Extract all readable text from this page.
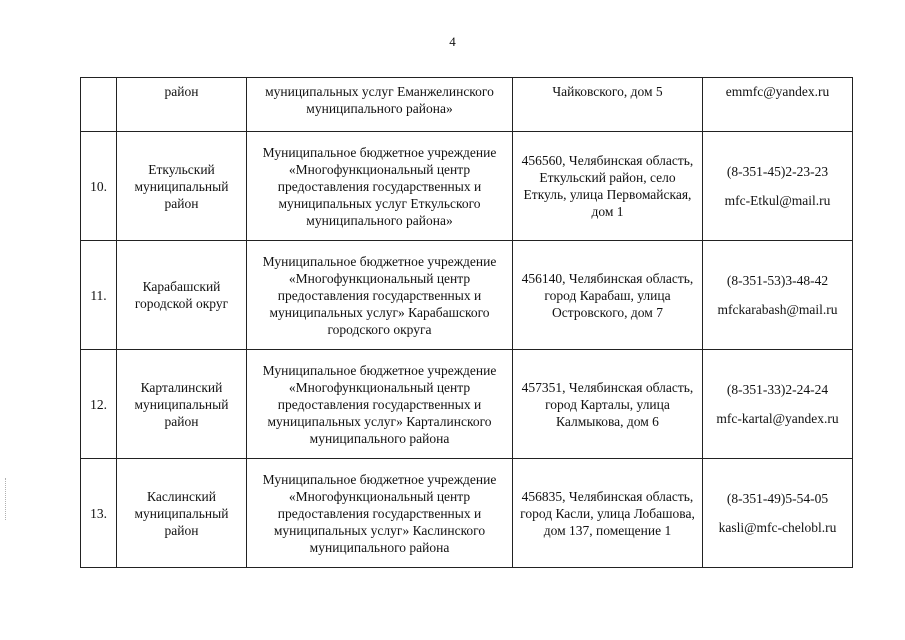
4
	район	муниципальных услуг Еманжелинского муниципального района»	Чайковского, дом 5	emmfc@yandex.ru

10.	Еткульский муниципальный район	Муниципальное бюджетное учреждение «Многофункциональный центр предоставления государственных и муниципальных услуг Еткульского муниципального района»	456560, Челябинская область, Еткульский район, село Еткуль, улица Первомайская, дом 1	(8-351-45)2-23-23
mfc-Etkul@mail.ru

11.	Карабашский городской округ	Муниципальное бюджетное учреждение «Многофункциональный центр предоставления государственных и муниципальных услуг» Карабашского городского округа	456140, Челябинская область, город Карабаш, улица Островского, дом 7	(8-351-53)3-48-42
mfckarabash@mail.ru

12.	Карталинский муниципальный район	Муниципальное бюджетное учреждение «Многофункциональный центр предоставления государственных и муниципальных услуг» Карталинского муниципального района	457351, Челябинская область, город Карталы, улица Калмыкова, дом 6	(8-351-33)2-24-24
mfc-kartal@yandex.ru

13.	Каслинский муниципальный район	Муниципальное бюджетное учреждение «Многофункциональный центр предоставления государственных и муниципальных услуг» Каслинского муниципального района	456835, Челябинская область, город Касли, улица Лобашова, дом 137, помещение 1	(8-351-49)5-54-05
kasli@mfc-chelobl.ru
